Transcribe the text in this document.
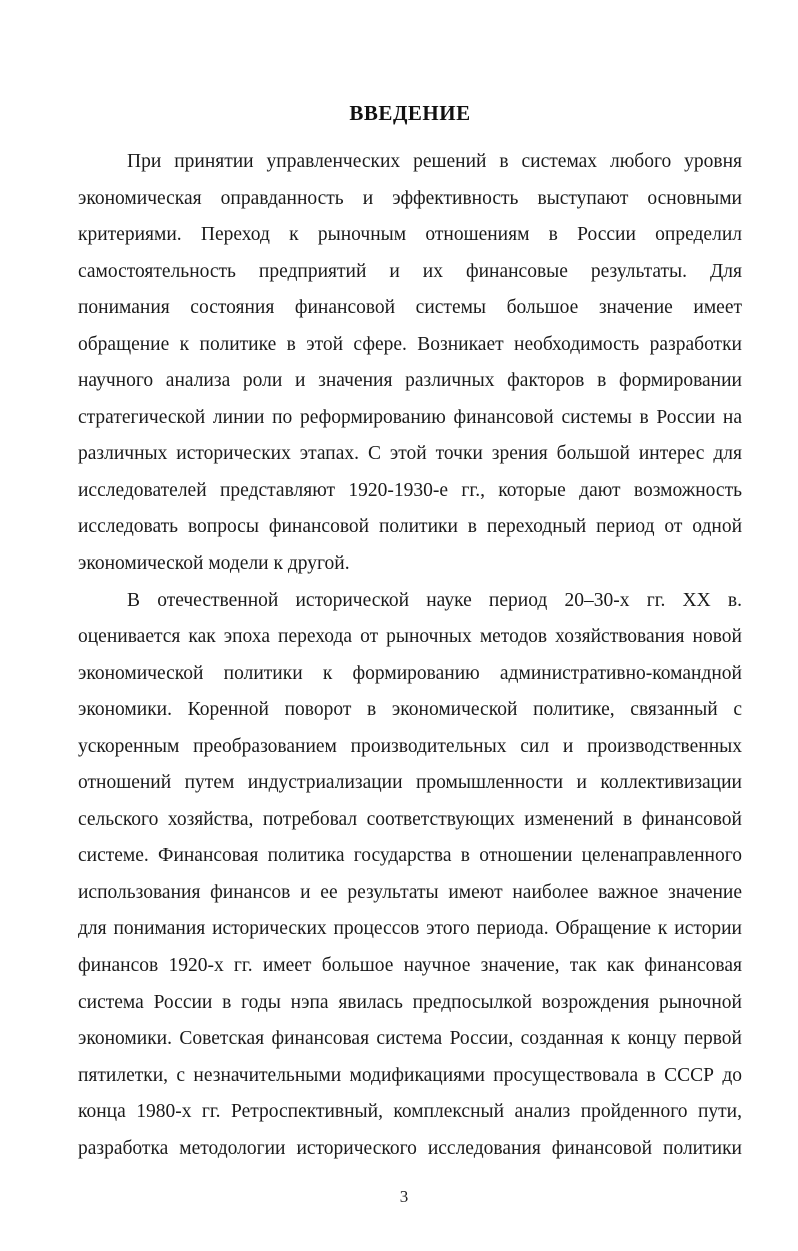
ВВЕДЕНИЕ
При принятии управленческих решений в системах любого уровня
экономическая оправданность и эффективность выступают основными
критериями. Переход к рыночным отношениям в России определил
самостоятельность предприятий и их финансовые результаты. Для
понимания состояния финансовой системы большое значение имеет
обращение к политике в этой сфере. Возникает необходимость разработки
научного анализа роли и значения различных факторов в формировании
стратегической линии по реформированию финансовой системы в России на
различных исторических этапах. С этой точки зрения большой интерес для
исследователей представляют 1920-1930-е гг., которые дают возможность
исследовать вопросы финансовой политики в переходный период от одной
экономической модели к другой.
В отечественной исторической науке период 20–30-х гг. XX в.
оценивается как эпоха перехода от рыночных методов хозяйствования новой
экономической политики к формированию административно-командной
экономики. Коренной поворот в экономической политике, связанный с
ускоренным преобразованием производительных сил и производственных
отношений путем индустриализации промышленности и коллективизации
сельского хозяйства, потребовал соответствующих изменений в финансовой
системе. Финансовая политика государства в отношении целенаправленного
использования финансов и ее результаты имеют наиболее важное значение
для понимания исторических процессов этого периода. Обращение к истории
финансов 1920-х гг. имеет большое научное значение, так как финансовая
система России в годы нэпа явилась предпосылкой возрождения рыночной
экономики. Советская финансовая система России, созданная к концу первой
пятилетки, с незначительными модификациями просуществовала в СССР до
конца 1980-х гг. Ретроспективный, комплексный анализ пройденного пути,
разработка методологии исторического исследования финансовой политики
3
